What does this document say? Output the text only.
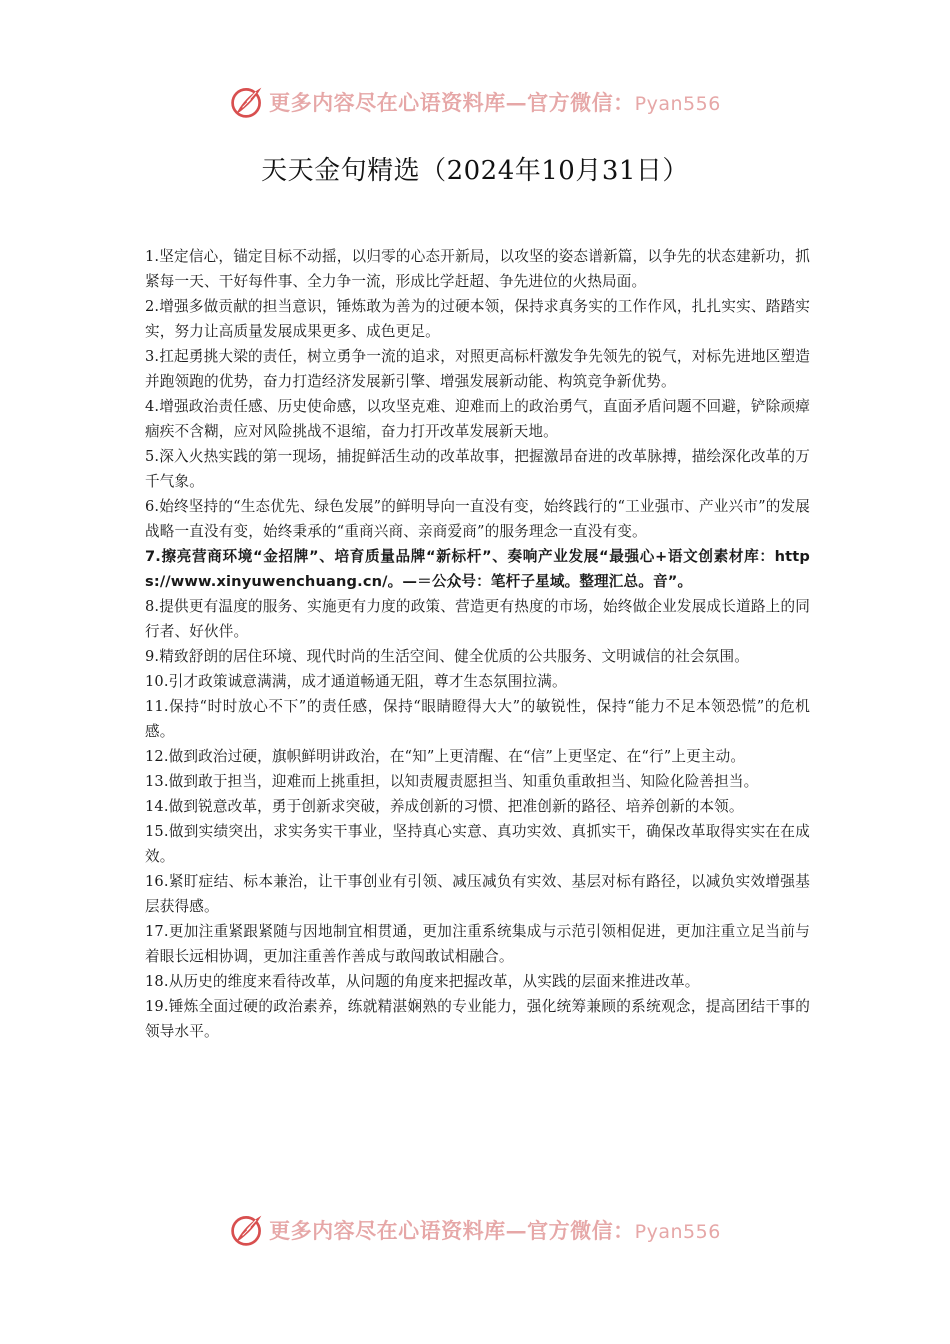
更多内容尽在心语资料库—官方微信：Pyan556
天天金句精选（2024年10月31日）

1.坚定信心，锚定目标不动摇，以归零的心态开新局，以攻坚的姿态谱新篇，以争先的状态建新功，抓紧每一天、干好每件事、全力争一流，形成比学赶超、争先进位的火热局面。

2.增强多做贡献的担当意识，锤炼敢为善为的过硬本领，保持求真务实的工作作风，扎扎实实、踏踏实实，努力让高质量发展成果更多、成色更足。

3.扛起勇挑大梁的责任，树立勇争一流的追求，对照更高标杆激发争先领先的锐气，对标先进地区塑造并跑领跑的优势，奋力打造经济发展新引擎、增强发展新动能、构筑竞争新优势。

4.增强政治责任感、历史使命感，以攻坚克难、迎难而上的政治勇气，直面矛盾问题不回避，铲除顽瘴痼疾不含糊，应对风险挑战不退缩，奋力打开改革发展新天地。

5.深入火热实践的第一现场，捕捉鲜活生动的改革故事，把握激昂奋进的改革脉搏，描绘深化改革的万千气象。

6.始终坚持的“生态优先、绿色发展”的鲜明导向一直没有变，始终践行的“工业强市、产业兴市”的发展战略一直没有变，始终秉承的“重商兴商、亲商爱商”的服务理念一直没有变。

7.擦亮营商环境“金招牌”、培育质量品牌“新标杆”、奏响产业发展“最强心+语文创素材库：https://www.xinyuwenchuang.cn/。—＝公众号：笔杆子星域。整理汇总。音”。

8.提供更有温度的服务、实施更有力度的政策、营造更有热度的市场，始终做企业发展成长道路上的同行者、好伙伴。

9.精致舒朗的居住环境、现代时尚的生活空间、健全优质的公共服务、文明诚信的社会氛围。

10.引才政策诚意满满，成才通道畅通无阻，尊才生态氛围拉满。

11.保持“时时放心不下”的责任感，保持“眼睛瞪得大大”的敏锐性，保持“能力不足本领恐慌”的危机感。

12.做到政治过硬，旗帜鲜明讲政治，在“知”上更清醒、在“信”上更坚定、在“行”上更主动。

13.做到敢于担当，迎难而上挑重担，以知责履责愿担当、知重负重敢担当、知险化险善担当。

14.做到锐意改革，勇于创新求突破，养成创新的习惯、把准创新的路径、培养创新的本领。

15.做到实绩突出，求实务实干事业，坚持真心实意、真功实效、真抓实干，确保改革取得实实在在成效。

16.紧盯症结、标本兼治，让干事创业有引领、减压减负有实效、基层对标有路径，以减负实效增强基层获得感。

17.更加注重紧跟紧随与因地制宜相贯通，更加注重系统集成与示范引领相促进，更加注重立足当前与着眼长远相协调，更加注重善作善成与敢闯敢试相融合。

18.从历史的维度来看待改革，从问题的角度来把握改革，从实践的层面来推进改革。

19.锤炼全面过硬的政治素养，练就精湛娴熟的专业能力，强化统筹兼顾的系统观念，提高团结干事的领导水平。

更多内容尽在心语资料库—官方微信：Pyan556
